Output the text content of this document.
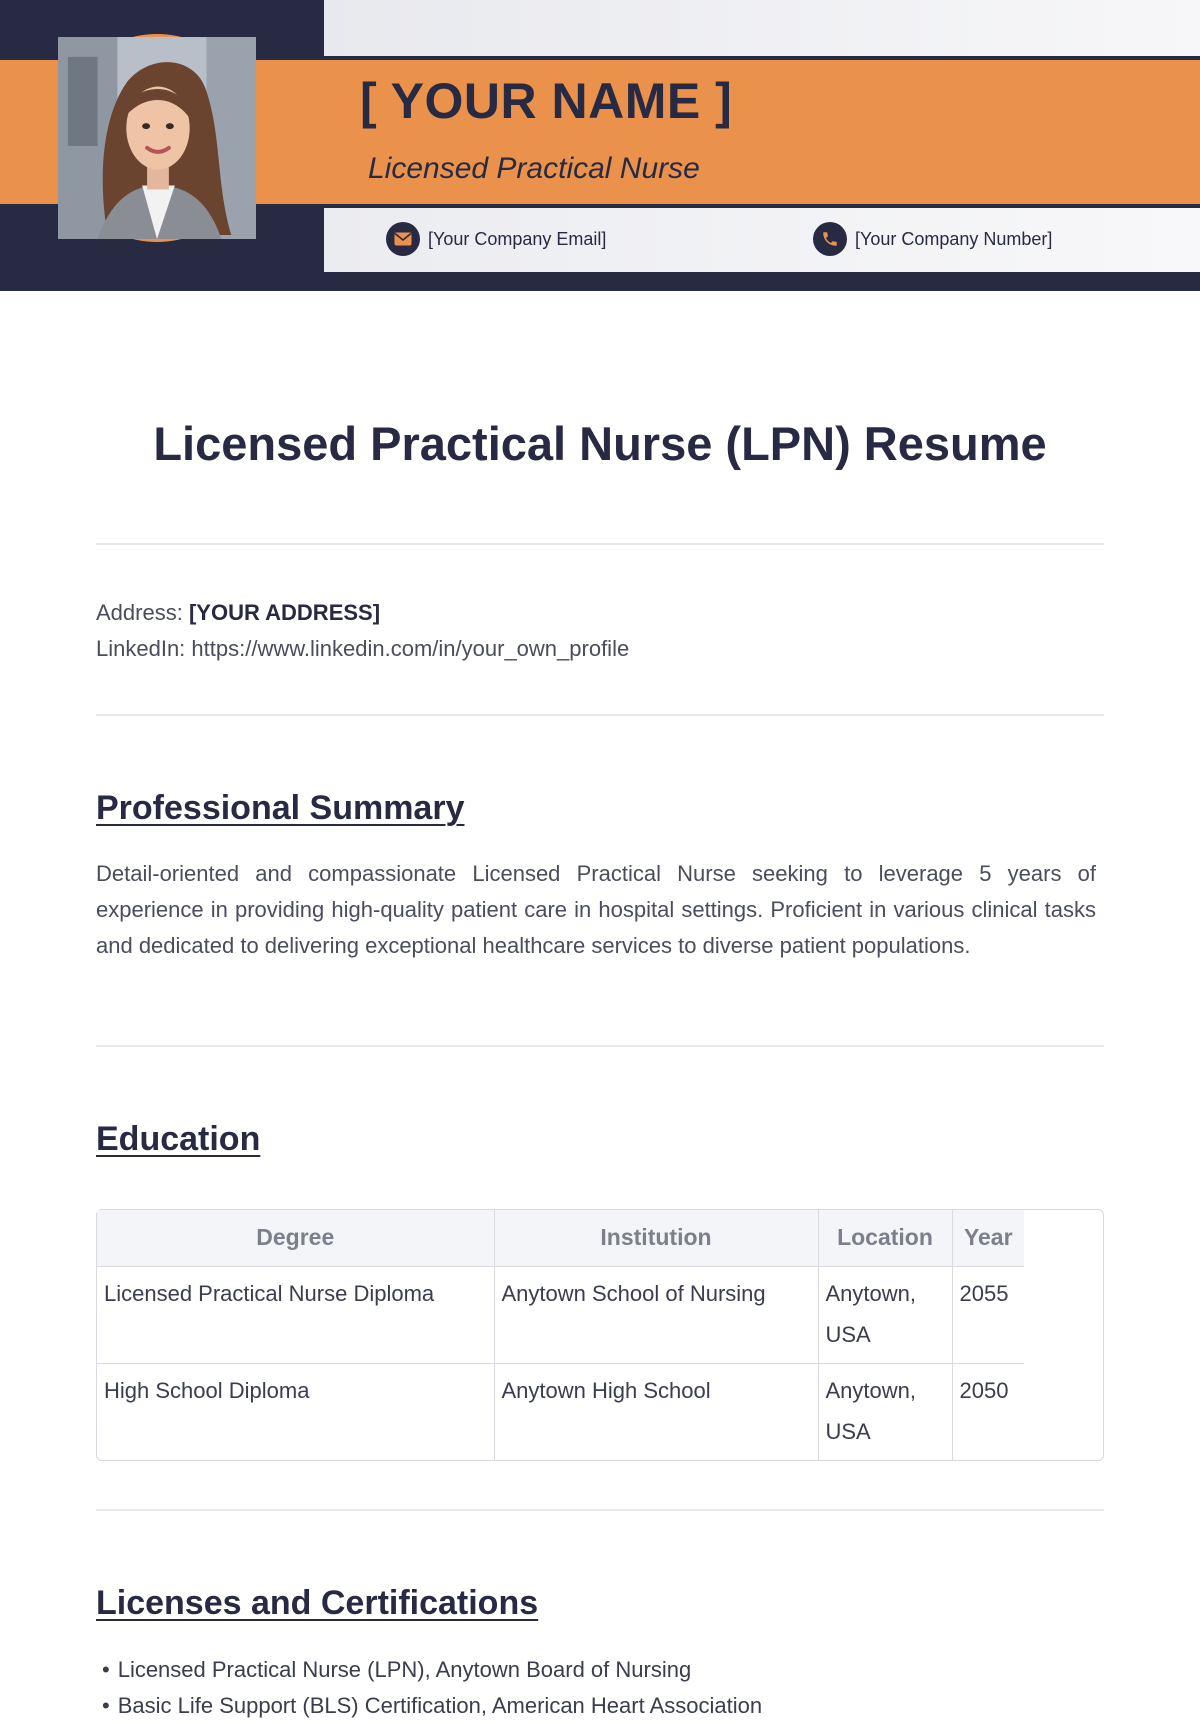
[ YOUR NAME ]
Licensed Practical Nurse
[Your Company Email]	[Your Company Number]
Licensed Practical Nurse (LPN) Resume
Address: [YOUR ADDRESS]
LinkedIn: https://www.linkedin.com/in/your_own_profile
Professional Summary

Detail-oriented and compassionate Licensed Practical Nurse seeking to leverage 5 years of experience in providing high-quality patient care in hospital settings. Proficient in various clinical tasks and dedicated to delivering exceptional healthcare services to diverse patient populations.

Education
Degree	Institution	Location	Year
Licensed Practical Nurse Diploma	Anytown School of Nursing	Anytown, USA	2055
High School Diploma	Anytown High School	Anytown, USA	2050
Licenses and Certifications
• Licensed Practical Nurse (LPN), Anytown Board of Nursing
• Basic Life Support (BLS) Certification, American Heart Association
